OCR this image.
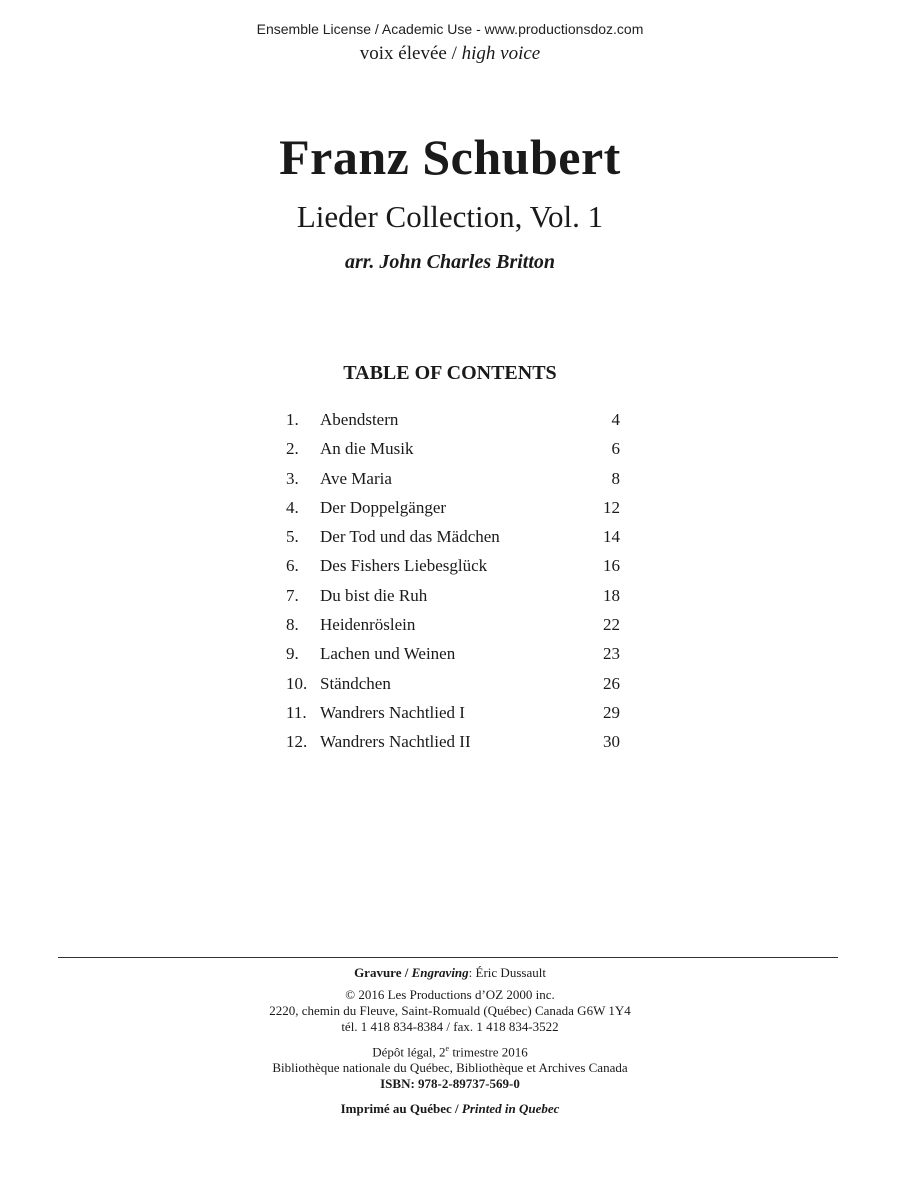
Ensemble License / Academic Use - www.productionsdoz.com
voix élevée / high voice
Franz Schubert
Lieder Collection, Vol. 1
arr. John Charles Britton
TABLE OF CONTENTS
1. Abendstern	4
2. An die Musik	6
3. Ave Maria	8
4. Der Doppelgänger	12
5. Der Tod und das Mädchen	14
6. Des Fishers Liebesglück	16
7. Du bist die Ruh	18
8. Heidenröslein	22
9. Lachen und Weinen	23
10. Ständchen	26
11. Wandrers Nachtlied I	29
12. Wandrers Nachtlied II	30
Gravure / Engraving: Éric Dussault
© 2016 Les Productions d’OZ 2000 inc.
2220, chemin du Fleuve, Saint-Romuald (Québec) Canada G6W 1Y4
tél. 1 418 834-8384 / fax. 1 418 834-3522
Dépôt légal, 2e trimestre 2016
Bibliothèque nationale du Québec, Bibliothèque et Archives Canada
ISBN: 978-2-89737-569-0
Imprimé au Québec / Printed in Quebec
